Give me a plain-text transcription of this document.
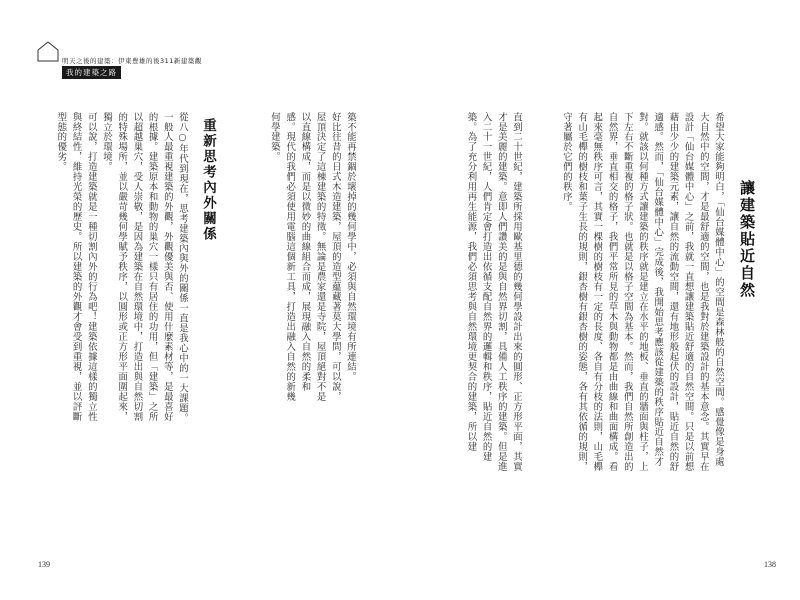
明天之後的建築：伊東豊雄的後311新建築觀
我的建築之路
築不能再禁錮於壞掉的幾何學中，必須與自然環境有所連結。
好比往昔的日式木造建築，屋頂的造型蘊藏著莫大學問，可以說，屋頂決定了這棟建築的特徵。無論是農家還是寺院，屋頂絕對不是以直線構成，而是以微妙的曲線組合而成，展現融入自然的柔和感。現代的我們必須使用電腦這個新工具，打造出融入自然的新幾何學建築。
重新思考內外關係
從八○年代到現在，思考建築內與外的關係一直是我心中的一大課題。一般人最重視建築的外觀，外觀優美與否、使用什麼素材等，是最喜好的根據。建築原本和動物的巢穴一樣只有居住的功用，但「建築」之所以超越巢穴，受人崇敬，是因為建築在自然環境中，打造出與自然切割的特殊場所，並以嚴苛幾何學賦予秩序，以圓形或正方形平面圍起來，獨立於環境。
可以說，打造建築就是一種切割內外的行為吧！建築依據這樣的獨立性與終結性，維持光榮的歷史。所以建築的外觀才會受到重視，並以評斷型態的優劣。
139
讓建築貼近自然
希望大家能夠明白，「仙台媒體中心」的空間是森林般的自然空間。感覺像是身處大自然中的空間，才是最舒適的空間，也是我對於建築設計的基本意念。其實早在設計「仙台媒體中心」之前，我就一直想讓建築貼近舒適的自然空間。只是以前想藉由少少的建築元素，讓自然的流動空間，還有地形般起伏的設計，貼近自然的舒適感。然而，「仙台媒體中心」完成後，我開始思考應該從建築的秩序貼近自然才對。就該以何種方式讓建築的秩序就是建立在水平的地板、垂直的牆面與柱子，上下左右不斷重複的格子狀。也就是以格子空間為基本。然而，我們自然所創造出的自然界，垂直相交的格子，我們平常所見的草木與動物都是由曲線和曲面構成。看起來毫無秩序可言，其實一棵樹的樹枝有一定的長度、各自有分枝的法則，山毛櫸有山毛櫸的樹枝和葉子生長的規則，銀杏樹有銀杏樹的姿態，各有其依循的規則，守著屬於它們的秩序。
直到二十世紀，建築所採用歐基里德的幾何學設計出來的圓形、正方形平面，其實才是美麗的建築。意即人們讚美的是與自然界切割，具備人工秩序的建築。但是進入二十一世紀，人們肯定會打造出依循支配自然界的邏輯和秩序，貼近自然的建築。為了充分利用再生能源，我們必須思考與自然環境更契合的建築，所以建
138
